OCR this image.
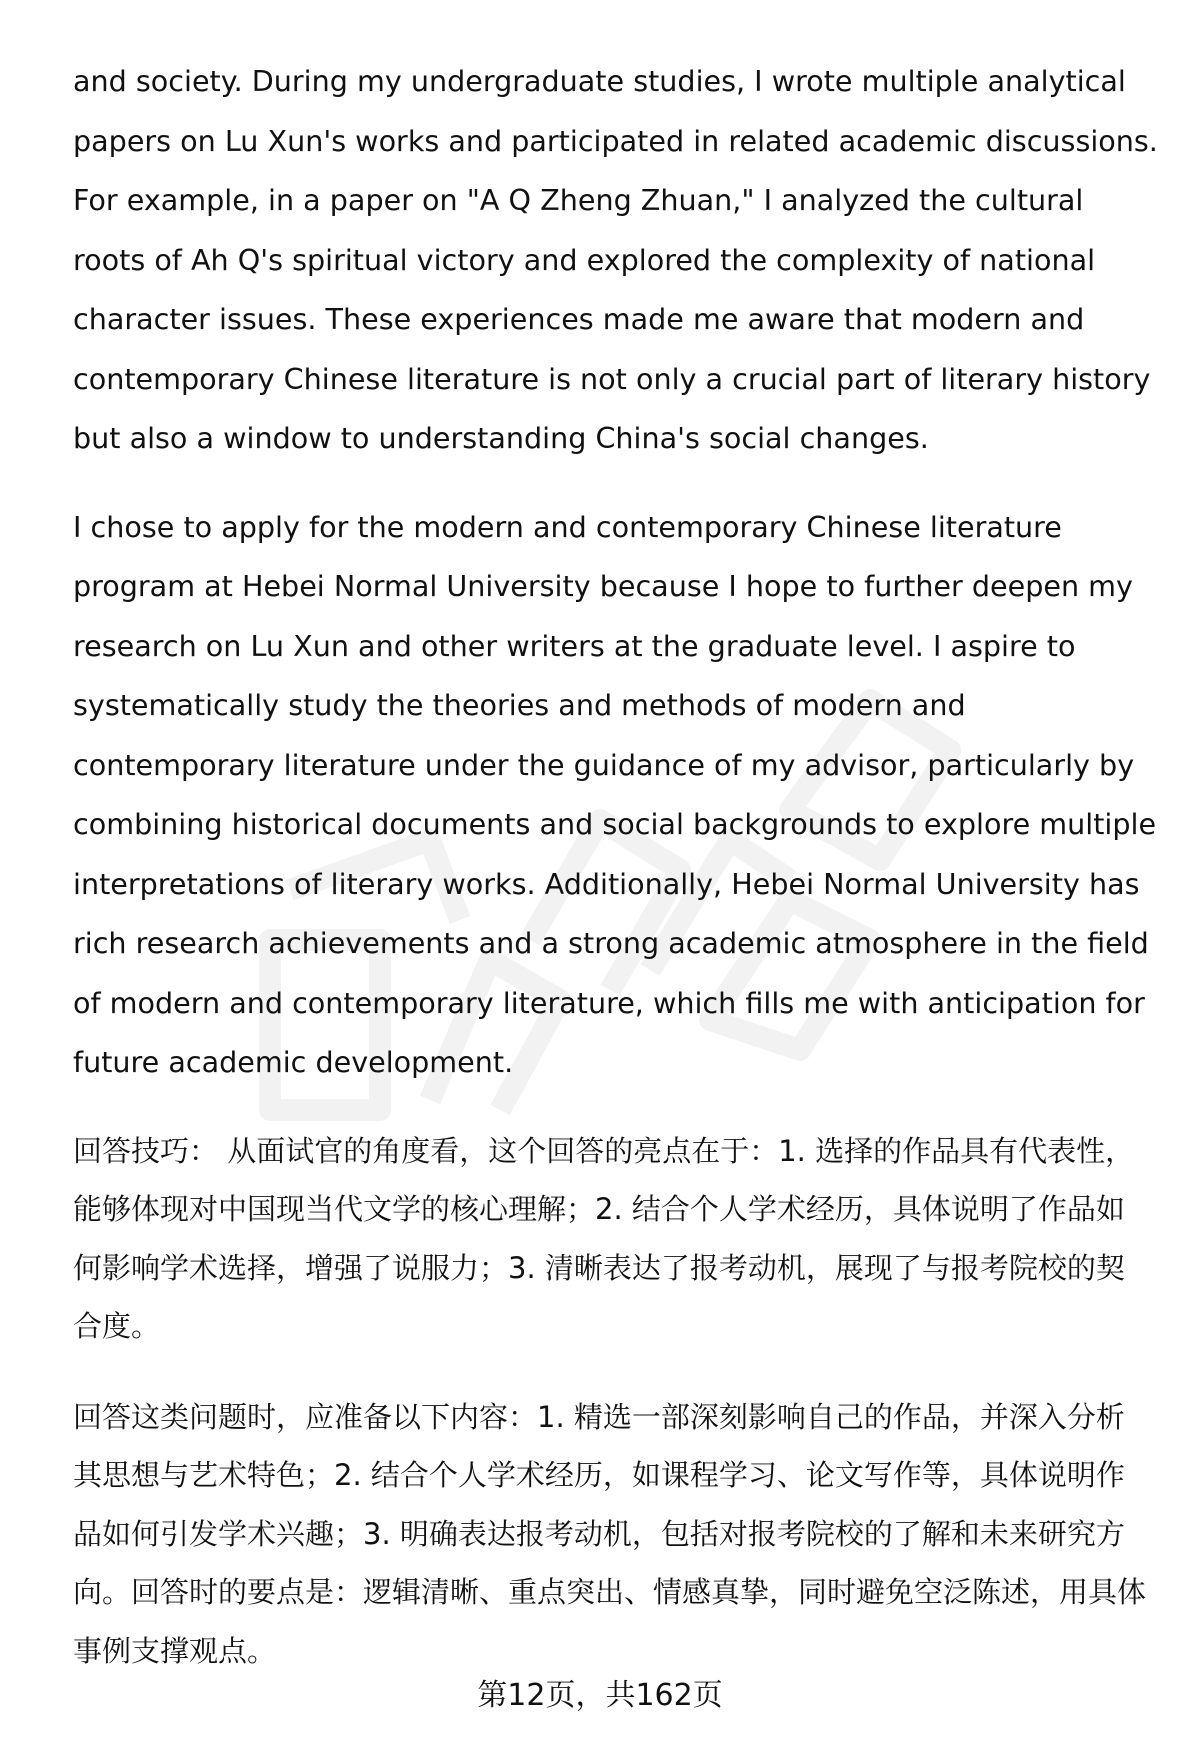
and society. During my undergraduate studies, I wrote multiple analytical papers on Lu Xun's works and participated in related academic discussions. For example, in a paper on "A Q Zheng Zhuan," I analyzed the cultural roots of Ah Q's spiritual victory and explored the complexity of national character issues. These experiences made me aware that modern and contemporary Chinese literature is not only a crucial part of literary history but also a window to understanding China's social changes.

I chose to apply for the modern and contemporary Chinese literature program at Hebei Normal University because I hope to further deepen my research on Lu Xun and other writers at the graduate level. I aspire to systematically study the theories and methods of modern and contemporary literature under the guidance of my advisor, particularly by combining historical documents and social backgrounds to explore multiple interpretations of literary works. Additionally, Hebei Normal University has rich research achievements and a strong academic atmosphere in the field of modern and contemporary literature, which fills me with anticipation for future academic development.

回答技巧： 从面试官的角度看，这个回答的亮点在于：1. 选择的作品具有代表性，能够体现对中国现当代文学的核心理解；2. 结合个人学术经历，具体说明了作品如何影响学术选择，增强了说服力；3. 清晰表达了报考动机，展现了与报考院校的契合度。

回答这类问题时，应准备以下内容：1. 精选一部深刻影响自己的作品，并深入分析其思想与艺术特色；2. 结合个人学术经历，如课程学习、论文写作等，具体说明作品如何引发学术兴趣；3. 明确表达报考动机，包括对报考院校的了解和未来研究方向。回答时的要点是：逻辑清晰、重点突出、情感真挚，同时避免空泛陈述，用具体事例支撑观点。

第12页，共162页
